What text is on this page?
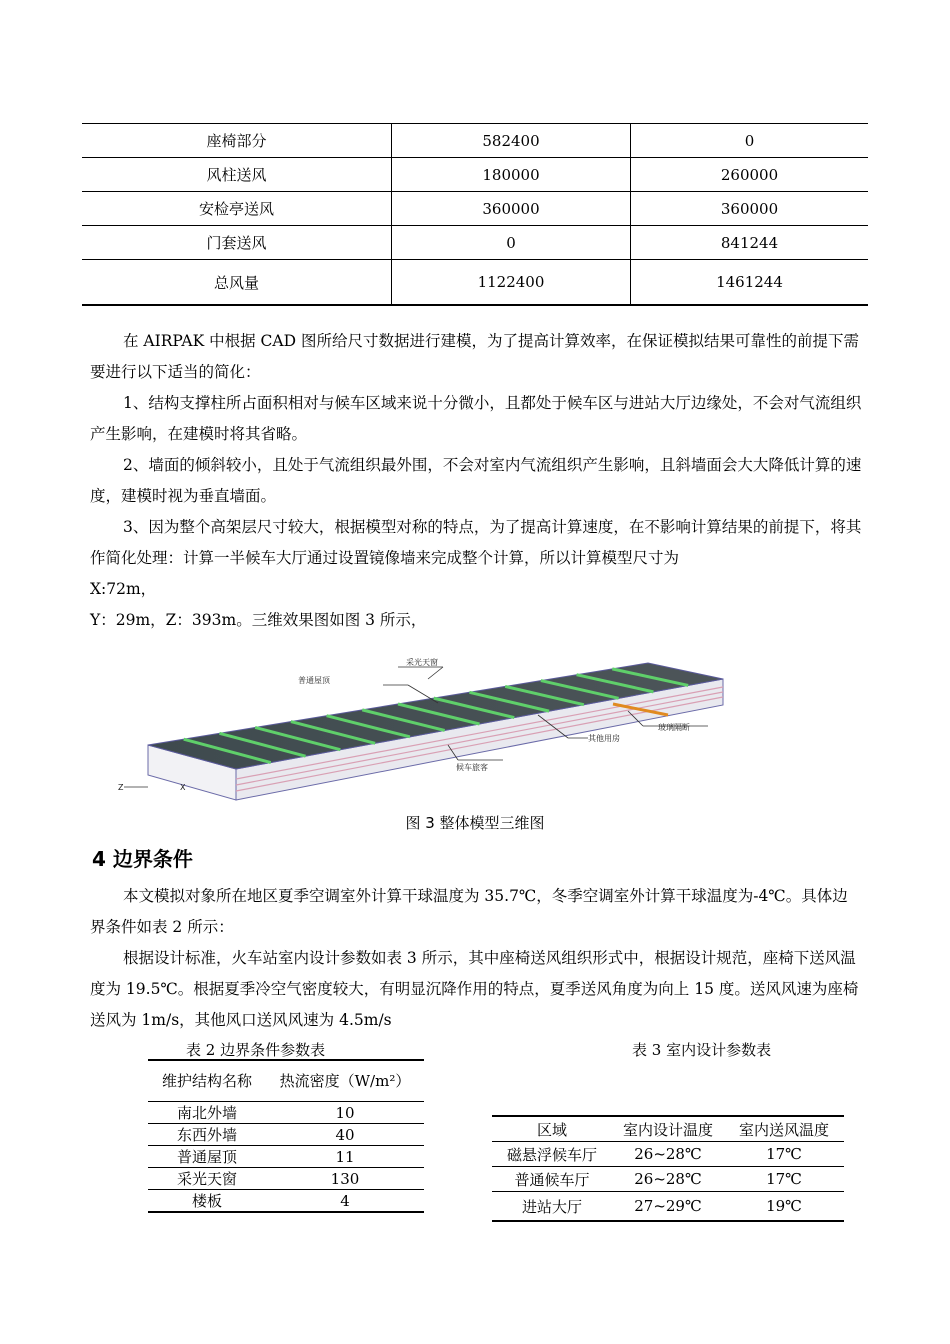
座椅部分	582400	0
风柱送风	180000	260000
安检亭送风	360000	360000
门套送风	0	841244
总风量	1122400	1461244

在 AIRPAK 中根据 CAD 图所给尺寸数据进行建模，为了提高计算效率，在保证模拟结果可靠性的前提下需要进行以下适当的简化：

1、结构支撑柱所占面积相对与候车区域来说十分微小，且都处于候车区与进站大厅边缘处，不会对气流组织产生影响，在建模时将其省略。

2、墙面的倾斜较小，且处于气流组织最外围，不会对室内气流组织产生影响，且斜墙面会大大降低计算的速度，建模时视为垂直墙面。

3、因为整个高架层尺寸较大，根据模型对称的特点，为了提高计算速度，在不影响计算结果的前提下，将其作简化处理：计算一半候车大厅通过设置镜像墙来完成整个计算，所以计算模型尺寸为

X:72m，

Y：29m，Z：393m。三维效果图如图 3 所示，

采光天窗
普通屋顶
玻璃隔断
其他用房
候车旅客
Z	X
图 3 整体模型三维图
4 边界条件

本文模拟对象所在地区夏季空调室外计算干球温度为 35.7℃，冬季空调室外计算干球温度为-4℃。具体边界条件如表 2 所示：

根据设计标准，火车站室内设计参数如表 3 所示，其中座椅送风组织形式中，根据设计规范，座椅下送风温度为 19.5℃。根据夏季冷空气密度较大，有明显沉降作用的特点，夏季送风角度为向上 15 度。送风风速为座椅送风为 1m/s，其他风口送风风速为 4.5m/s

表 2 边界条件参数表
维护结构名称	热流密度（W/m²）
南北外墙	10
东西外墙	40
普通屋顶	11
采光天窗	130
楼板	4
表 3 室内设计参数表
区域	室内设计温度	室内送风温度
磁悬浮候车厅	26~28℃	17℃
普通候车厅	26~28℃	17℃
进站大厅	27~29℃	19℃
